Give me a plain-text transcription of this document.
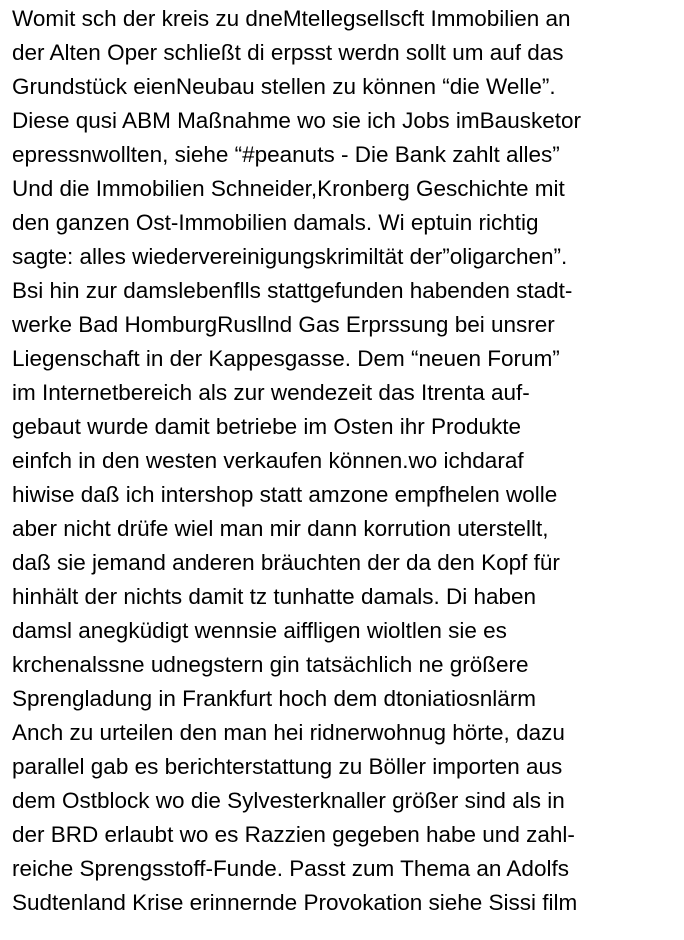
Womit sch der kreis zu dneMtellegsellscft Immobilien an
der Alten Oper schließt di erpsst werdn sollt um auf das
Grundstück eienNeubau stellen zu können “die Welle”.
Diese qusi ABM Maßnahme wo sie ich Jobs imBausketor
epressnwollten, siehe “#peanuts - Die Bank zahlt alles”
Und die Immobilien Schneider,Kronberg Geschichte mit
den ganzen Ost-Immobilien damals. Wi eptuin richtig
sagte: alles wiedervereinigungskrimiltät der”oligarchen”.
Bsi hin zur damslebenflls stattgefunden habenden stadt-
werke Bad HomburgRusllnd Gas Erprssung bei unsrer
Liegenschaft in der Kappesgasse. Dem “neuen Forum”
im Internetbereich als zur wendezeit das Itrenta auf-
gebaut wurde damit betriebe im Osten ihr Produkte
einfch in den westen verkaufen können.wo ichdaraf
hiwise daß ich intershop statt amzone empfhelen wolle
aber nicht drüfe wiel man mir dann korrution uterstellt,
daß sie jemand anderen bräuchten der da den Kopf für
hinhält der nichts damit tz tunhatte damals. Di haben
damsl anegküdigt wennsie aiffligen wioltlen sie es
krchenalssne udnegstern gin tatsächlich ne größere
Sprengladung in Frankfurt hoch dem dtoniatiosnlärm
Anch zu urteilen den man hei ridnerwohnug hörte, dazu
parallel gab es berichterstattung zu Böller importen aus
dem Ostblock wo die Sylvesterknaller größer sind als in
der BRD erlaubt wo es Razzien gegeben habe und zahl-
reiche Sprengsstoff-Funde. Passt zum Thema an Adolfs
Sudtenland Krise erinnernde Provokation siehe Sissi film
